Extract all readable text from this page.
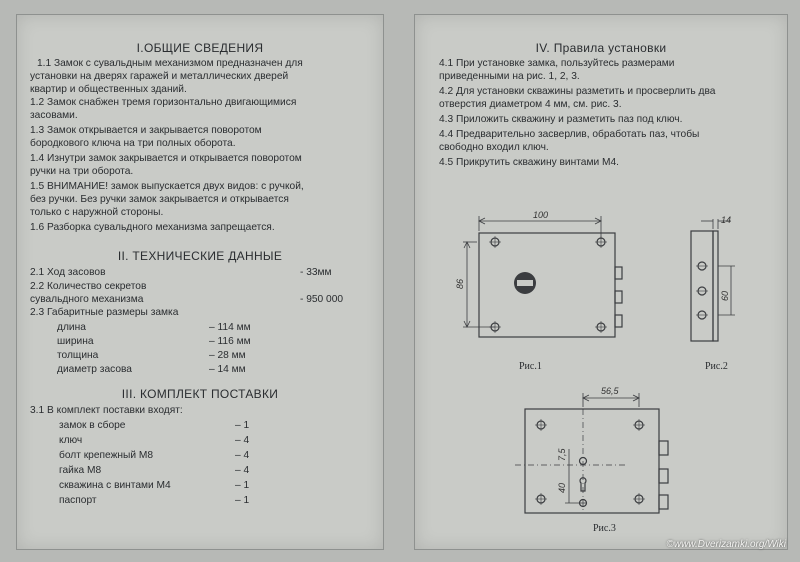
I.ОБЩИЕ СВЕДЕНИЯ
1.1 Замок с сувальдным механизмом предназначен для
установки на дверях гаражей и металлических дверей
квартир и общественных зданий.
1.2 Замок снабжен тремя горизонтально двигающимися
засовами.
1.3 Замок открывается и закрывается поворотом
бородкового ключа на три полных оборота.
1.4 Изнутри замок закрывается и открывается поворотом
ручки на три оборота.
1.5 ВНИМАНИЕ! замок выпускается двух видов: с ручкой,
без ручки. Без ручки замок закрывается и открывается
только с наружной стороны.
1.6 Разборка сувальдного механизма запрещается.
II. ТЕХНИЧЕСКИЕ ДАННЫЕ
2.1 Ход засовов	- 33мм
2.2 Количество секретов
сувальдного механизма	- 950 000
2.3 Габаритные размеры замка
длина	– 114 мм
ширина	– 116 мм
толщина	– 28 мм
диаметр засова	– 14 мм
III. КОМПЛЕКТ ПОСТАВКИ
3.1 В комплект поставки входят:
замок в сборе	– 1
ключ	– 4
болт крепежный М8	– 4
гайка М8	– 4
скважина с винтами М4	– 1
паспорт	– 1
IV. Правила установки
4.1 При установке замка, пользуйтесь размерами
приведенными на рис. 1, 2, 3.
4.2 Для установки скважины разметить и просверлить два
отверстия диаметром 4 мм, см. рис. 3.
4.3 Приложить скважину и разметить паз под ключ.
4.4 Предварительно засверлив, обработать паз, чтобы
свободно входил ключ.
4.5 Прикрутить скважину винтами М4.
100
86
Рис.1
14
60
Рис.2
56,5
7,5
40
Рис.3
©www.Dverizamki.org/Wiki
